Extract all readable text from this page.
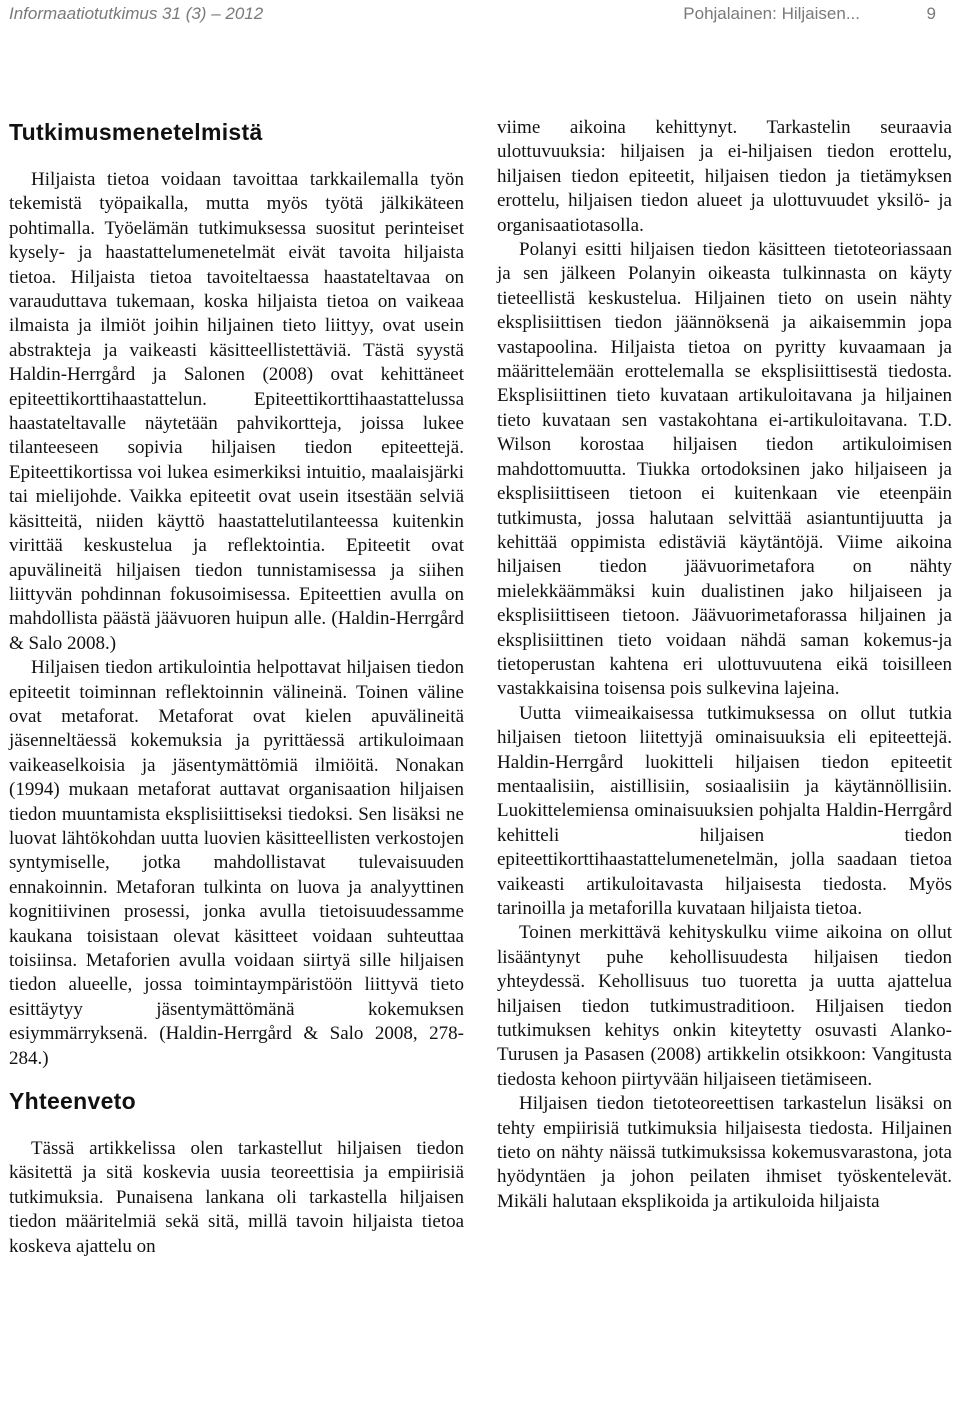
Informaatiotutkimus 31 (3) – 2012	Pohjalainen: Hiljaisen...	9
Tutkimusmenetelmistä

Hiljaista tietoa voidaan tavoittaa tarkkailemalla työn tekemistä työpaikalla, mutta myös työtä jälkikäteen pohtimalla. Työelämän tutkimuksessa suositut perinteiset kysely- ja haastattelumenetelmät eivät tavoita hiljaista tietoa. Hiljaista tietoa tavoiteltaessa haastateltavaa on varauduttava tukemaan, koska hiljaista tietoa on vaikeaa ilmaista ja ilmiöt joihin hiljainen tieto liittyy, ovat usein abstrakteja ja vaikeasti käsitteellistettäviä. Tästä syystä Haldin-Herrgård ja Salonen (2008) ovat kehittäneet epiteettikorttihaastattelun. Epiteettikorttihaastattelussa haastateltavalle näytetään pahvikortteja, joissa lukee tilanteeseen sopivia hiljaisen tiedon epiteettejä. Epiteettikortissa voi lukea esimerkiksi intuitio, maalaisjärki tai mielijohde. Vaikka epiteetit ovat usein itsestään selviä käsitteitä, niiden käyttö haastattelutilanteessa kuitenkin virittää keskustelua ja reflektointia. Epiteetit ovat apuvälineitä hiljaisen tiedon tunnistamisessa ja siihen liittyvän pohdinnan fokusoimisessa. Epiteettien avulla on mahdollista päästä jäävuoren huipun alle. (Haldin-Herrgård & Salo 2008.)

Hiljaisen tiedon artikulointia helpottavat hiljaisen tiedon epiteetit toiminnan reflektoinnin välineinä. Toinen väline ovat metaforat. Metaforat ovat kielen apuvälineitä jäsenneltäessä kokemuksia ja pyrittäessä artikuloimaan vaikeaselkoisia ja jäsentymättömiä ilmiöitä. Nonakan (1994) mukaan metaforat auttavat organisaation hiljaisen tiedon muuntamista eksplisiittiseksi tiedoksi. Sen lisäksi ne luovat lähtökohdan uutta luovien käsitteellisten verkostojen syntymiselle, jotka mahdollistavat tulevaisuuden ennakoinnin. Metaforan tulkinta on luova ja analyyttinen kognitiivinen prosessi, jonka avulla tietoisuudessamme kaukana toisistaan olevat käsitteet voidaan suhteuttaa toisiinsa. Metaforien avulla voidaan siirtyä sille hiljaisen tiedon alueelle, jossa toimintaympäristöön liittyvä tieto esittäytyy jäsentymättömänä kokemuksen esiymmärryksenä. (Haldin-Herrgård & Salo 2008, 278-284.)

Yhteenveto

Tässä artikkelissa olen tarkastellut hiljaisen tiedon käsitettä ja sitä koskevia uusia teoreettisia ja empiirisiä tutkimuksia. Punaisena lankana oli tarkastella hiljaisen tiedon määritelmiä sekä sitä, millä tavoin hiljaista tietoa koskeva ajattelu on

viime aikoina kehittynyt. Tarkastelin seuraavia ulottuvuuksia: hiljaisen ja ei-hiljaisen tiedon erottelu, hiljaisen tiedon epiteetit, hiljaisen tiedon ja tietämyksen erottelu, hiljaisen tiedon alueet ja ulottuvuudet yksilö- ja organisaatiotasolla.

Polanyi esitti hiljaisen tiedon käsitteen tietoteoriassaan ja sen jälkeen Polanyin oikeasta tulkinnasta on käyty tieteellistä keskustelua. Hiljainen tieto on usein nähty eksplisiittisen tiedon jäännöksenä ja aikaisemmin jopa vastapoolina. Hiljaista tietoa on pyritty kuvaamaan ja määrittelemään erottelemalla se eksplisiittisestä tiedosta. Eksplisiittinen tieto kuvataan artikuloitavana ja hiljainen tieto kuvataan sen vastakohtana ei-artikuloitavana. T.D. Wilson korostaa hiljaisen tiedon artikuloimisen mahdottomuutta. Tiukka ortodoksinen jako hiljaiseen ja eksplisiittiseen tietoon ei kuitenkaan vie eteenpäin tutkimusta, jossa halutaan selvittää asiantuntijuutta ja kehittää oppimista edistäviä käytäntöjä. Viime aikoina hiljaisen tiedon jäävuorimetafora on nähty mielekkäämmäksi kuin dualistinen jako hiljaiseen ja eksplisiittiseen tietoon. Jäävuorimetaforassa hiljainen ja eksplisiittinen tieto voidaan nähdä saman kokemus-ja tietoperustan kahtena eri ulottuvuutena eikä toisilleen vastakkaisina toisensa pois sulkevina lajeina.

Uutta viimeaikaisessa tutkimuksessa on ollut tutkia hiljaisen tietoon liitettyjä ominaisuuksia eli epiteettejä. Haldin-Herrgård luokitteli hiljaisen tiedon epiteetit mentaalisiin, aistillisiin, sosiaalisiin ja käytännöllisiin. Luokittelemiensa ominaisuuksien pohjalta Haldin-Herrgård kehitteli hiljaisen tiedon epiteettikorttihaastattelumenetelmän, jolla saadaan tietoa vaikeasti artikuloitavasta hiljaisesta tiedosta. Myös tarinoilla ja metaforilla kuvataan hiljaista tietoa.

Toinen merkittävä kehityskulku viime aikoina on ollut lisääntynyt puhe kehollisuudesta hiljaisen tiedon yhteydessä. Kehollisuus tuo tuoretta ja uutta ajattelua hiljaisen tiedon tutkimustraditioon. Hiljaisen tiedon tutkimuksen kehitys onkin kiteytetty osuvasti Alanko-Turusen ja Pasasen (2008) artikkelin otsikkoon: Vangitusta tiedosta kehoon piirtyvään hiljaiseen tietämiseen.

Hiljaisen tiedon tietoteoreettisen tarkastelun lisäksi on tehty empiirisiä tutkimuksia hiljaisesta tiedosta. Hiljainen tieto on nähty näissä tutkimuksissa kokemusvarastona, jota hyödyntäen ja johon peilaten ihmiset työskentelevät. Mikäli halutaan eksplikoida ja artikuloida hiljaista
